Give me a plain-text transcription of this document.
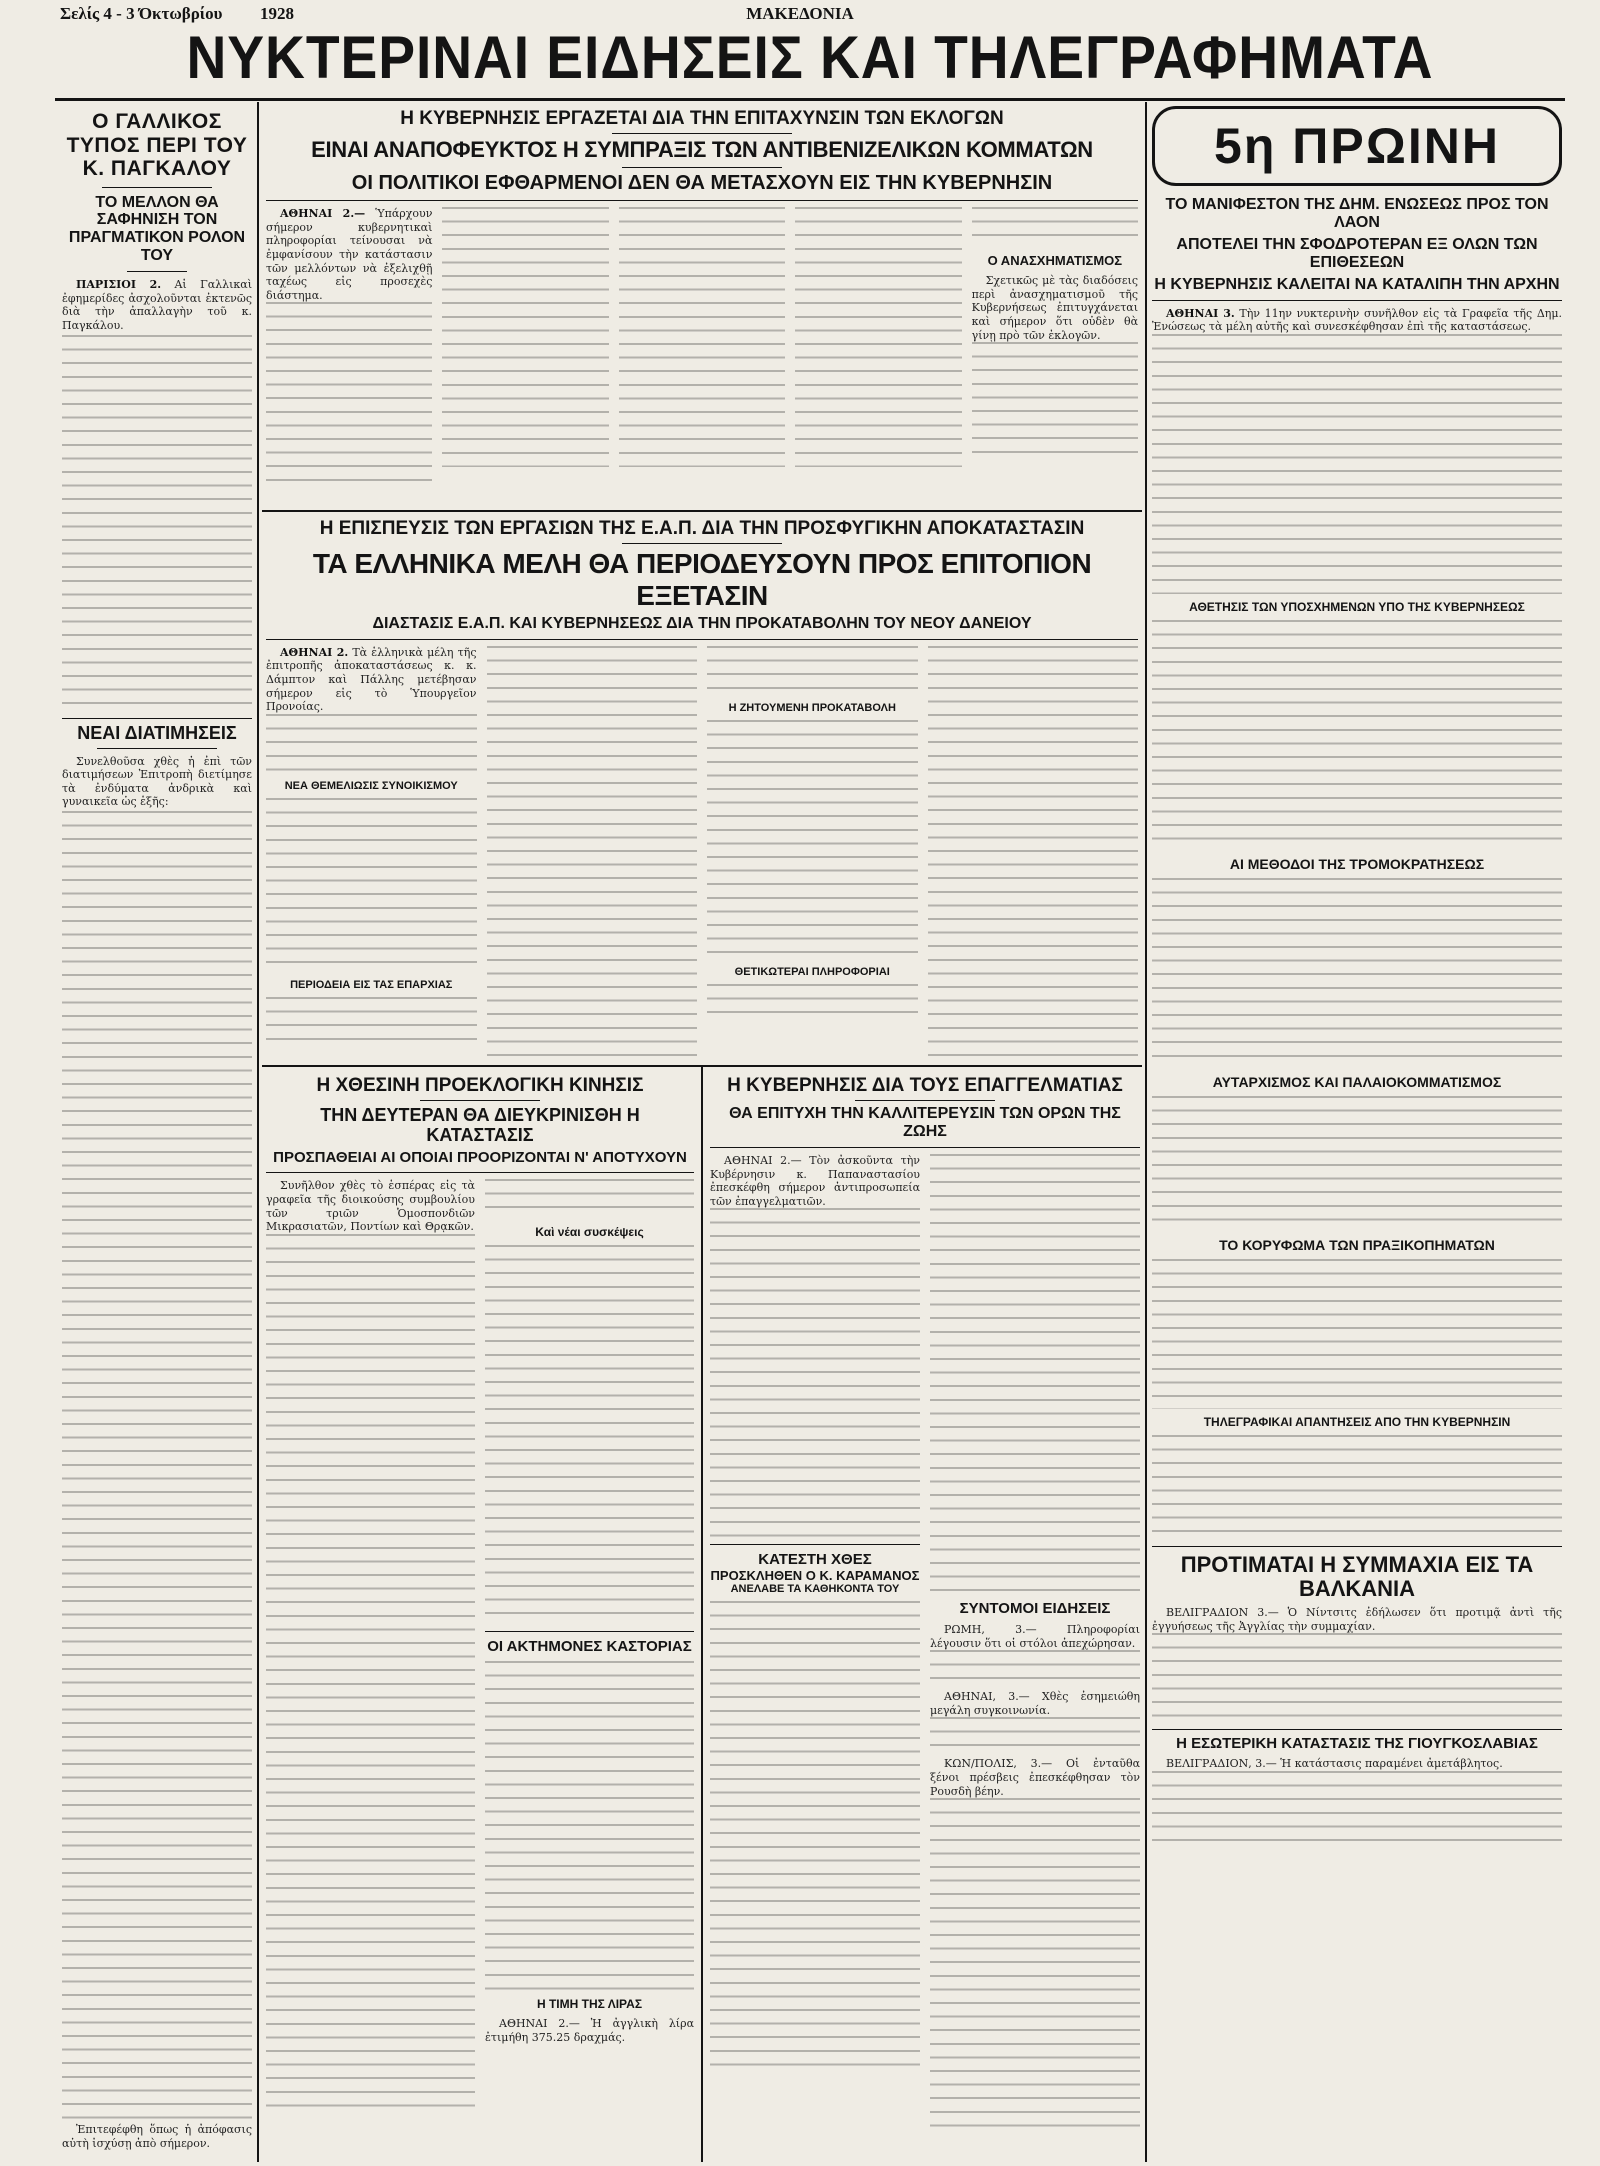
Σελίς 4 - 3 Όκτωβρίου	1928	ΜΑΚΕΔΟΝΙΑ
ΝΥΚΤΕΡΙΝΑΙ ΕΙΔΗΣΕΙΣ ΚΑΙ ΤΗΛΕΓΡΑΦΗΜΑΤΑ
Ο ΓΑΛΛΙΚΟΣ ΤΥΠΟΣ ΠΕΡΙ ΤΟΥ Κ. ΠΑΓΚΑΛΟΥ
ΤΟ ΜΕΛΛΟΝ ΘΑ ΣΑΦΗΝΙΣΗ ΤΟΝ ΠΡΑΓΜΑΤΙΚΟΝ ΡΟΛΟΝ ΤΟΥ

ΠΑΡΙΣΙΟΙ 2. Αἱ Γαλλικαὶ ἐφημερίδες ἀσχολοῦνται ἐκτενῶς διὰ τὴν ἀπαλλαγὴν τοῦ κ. Παγκάλου.

ΝΕΑΙ ΔΙΑΤΙΜΗΣΕΙΣ

Συνελθοῦσα χθὲς ἡ ἐπὶ τῶν διατιμήσεων Ἐπιτροπὴ διετίμησε τὰ ἐνδύματα ἀνδρικὰ καὶ γυναικεῖα ὡς ἑξῆς:

Ἐπιτεφέφθη ὅπως ἡ ἀπόφασις αὐτὴ ἰσχύσῃ ἀπὸ σήμερον.

Η ΚΥΒΕΡΝΗΣΙΣ ΕΡΓΑΖΕΤΑΙ ΔΙΑ ΤΗΝ ΕΠΙΤΑΧΥΝΣΙΝ ΤΩΝ ΕΚΛΟΓΩΝ
ΕΙΝΑΙ ΑΝΑΠΟΦΕΥΚΤΟΣ Η ΣΥΜΠΡΑΞΙΣ ΤΩΝ ΑΝΤΙΒΕΝΙΖΕΛΙΚΩΝ ΚΟΜΜΑΤΩΝ
ΟΙ ΠΟΛΙΤΙΚΟΙ ΕΦΘΑΡΜΕΝΟΙ ΔΕΝ ΘΑ ΜΕΤΑΣΧΟΥΝ ΕΙΣ ΤΗΝ ΚΥΒΕΡΝΗΣΙΝ

ΑΘΗΝΑΙ 2.— Ὑπάρχουν σήμερον κυβερνητικαὶ πληροφορίαι τείνουσαι νὰ ἐμφανίσουν τὴν κατάστασιν τῶν μελλόντων νὰ ἐξελιχθῇ ταχέως εἰς προσεχὲς διάστημα.

Ο ΑΝΑΣΧΗΜΑΤΙΣΜΟΣ

Σχετικῶς μὲ τὰς διαδόσεις περὶ ἀνασχηματισμοῦ τῆς Κυβερνήσεως ἐπιτυγχάνεται καὶ σήμερον ὅτι οὐδὲν θὰ γίνῃ πρὸ τῶν ἐκλογῶν.

Η ΕΠΙΣΠΕΥΣΙΣ ΤΩΝ ΕΡΓΑΣΙΩΝ ΤΗΣ Ε.Α.Π. ΔΙΑ ΤΗΝ ΠΡΟΣΦΥΓΙΚΗΝ ΑΠΟΚΑΤΑΣΤΑΣΙΝ
ΤΑ ΕΛΛΗΝΙΚΑ ΜΕΛΗ ΘΑ ΠΕΡΙΟΔΕΥΣΟΥΝ ΠΡΟΣ ΕΠΙΤΟΠΙΟΝ ΕΞΕΤΑΣΙΝ
ΔΙΑΣΤΑΣΙΣ Ε.Α.Π. ΚΑΙ ΚΥΒΕΡΝΗΣΕΩΣ ΔΙΑ ΤΗΝ ΠΡΟΚΑΤΑΒΟΛΗΝ ΤΟΥ ΝΕΟΥ ΔΑΝΕΙΟΥ

ΑΘΗΝΑΙ 2. Τὰ ἑλληνικὰ μέλη τῆς ἐπιτροπῆς ἀποκαταστάσεως κ. κ. Δάμπτον καὶ Πάλλης μετέβησαν σήμερον εἰς τὸ Ὑπουργεῖον Προνοίας.

ΝΕΑ ΘΕΜΕΛΙΩΣΙΣ ΣΥΝΟΙΚΙΣΜΟΥ
ΠΕΡΙΟΔΕΙΑ ΕΙΣ ΤΑΣ ΕΠΑΡΧΙΑΣ
Η ΖΗΤΟΥΜΕΝΗ ΠΡΟΚΑΤΑΒΟΛΗ
ΘΕΤΙΚΩΤΕΡΑΙ ΠΛΗΡΟΦΟΡΙΑΙ
Η ΧΘΕΣΙΝΗ ΠΡΟΕΚΛΟΓΙΚΗ ΚΙΝΗΣΙΣ
ΤΗΝ ΔΕΥΤΕΡΑΝ ΘΑ ΔΙΕΥΚΡΙΝΙΣΘΗ Η ΚΑΤΑΣΤΑΣΙΣ
ΠΡΟΣΠΑΘΕΙΑΙ ΑΙ ΟΠΟΙΑΙ ΠΡΟΟΡΙΖΟΝΤΑΙ Ν' ΑΠΟΤΥΧΟΥΝ

Συνῆλθον χθὲς τὸ ἑσπέρας εἰς τὰ γραφεῖα τῆς διοικούσης συμβουλίου τῶν τριῶν Ὁμοσπονδιῶν Μικρασιατῶν, Ποντίων καὶ Θρᾳκῶν.	Καὶ νέαι συσκέψεις
ΟΙ ΑΚΤΗΜΟΝΕΣ ΚΑΣΤΟΡΙΑΣ
Η ΤΙΜΗ ΤΗΣ ΛΙΡΑΣ

ΑΘΗΝΑΙ 2.— Ἡ ἀγγλικὴ λίρα ἐτιμήθη 375.25 δραχμάς.

Η ΚΥΒΕΡΝΗΣΙΣ ΔΙΑ ΤΟΥΣ ΕΠΑΓΓΕΛΜΑΤΙΑΣ
ΘΑ ΕΠΙΤΥΧΗ ΤΗΝ ΚΑΛΛΙΤΕΡΕΥΣΙΝ ΤΩΝ ΟΡΩΝ ΤΗΣ ΖΩΗΣ

ΑΘΗΝΑΙ 2.— Τὸν ἀσκοῦντα τὴν Κυβέρνησιν κ. Παπαναστασίου ἐπεσκέφθη σήμερον ἀντιπροσωπεία τῶν ἐπαγγελματιῶν.

ΚΑΤΕΣΤΗ ΧΘΕΣ
ΠΡΟΣΚΛΗΘΕΝ Ο Κ. ΚΑΡΑΜΑΝΟΣ
ΑΝΕΛΑΒΕ ΤΑ ΚΑΘΗΚΟΝΤΑ ΤΟΥ
ΣΥΝΤΟΜΟΙ ΕΙΔΗΣΕΙΣ

ΡΩΜΗ, 3.— Πληροφορίαι λέγουσιν ὅτι οἱ στόλοι ἀπεχώρησαν.

ΑΘΗΝΑΙ, 3.— Χθὲς ἐσημειώθη μεγάλη συγκοινωνία.

ΚΩΝ/ΠΟΛΙΣ, 3.— Οἱ ἐνταῦθα ξένοι πρέσβεις ἐπεσκέφθησαν τὸν Ρουσδὴ βέην.

5η ΠΡΩΙΝΗ
ΤΟ ΜΑΝΙΦΕΣΤΟΝ ΤΗΣ ΔΗΜ. ΕΝΩΣΕΩΣ ΠΡΟΣ ΤΟΝ ΛΑΟΝ
ΑΠΟΤΕΛΕΙ ΤΗΝ ΣΦΟΔΡΟΤΕΡΑΝ ΕΞ ΟΛΩΝ ΤΩΝ ΕΠΙΘΕΣΕΩΝ
Η ΚΥΒΕΡΝΗΣΙΣ ΚΑΛΕΙΤΑΙ ΝΑ ΚΑΤΑΛΙΠΗ ΤΗΝ ΑΡΧΗΝ

ΑΘΗΝΑΙ 3. Τὴν 11ην νυκτερινὴν συνῆλθον εἰς τὰ Γραφεῖα τῆς Δημ. Ἐνώσεως τὰ μέλη αὐτῆς καὶ συνεσκέφθησαν ἐπὶ τῆς καταστάσεως.

ΑΘΕΤΗΣΙΣ ΤΩΝ ΥΠΟΣΧΗΜΕΝΩΝ ΥΠΟ ΤΗΣ ΚΥΒΕΡΝΗΣΕΩΣ
ΑΙ ΜΕΘΟΔΟΙ ΤΗΣ ΤΡΟΜΟΚΡΑΤΗΣΕΩΣ
ΑΥΤΑΡΧΙΣΜΟΣ ΚΑΙ ΠΑΛΑΙΟΚΟΜΜΑΤΙΣΜΟΣ
ΤΟ ΚΟΡΥΦΩΜΑ ΤΩΝ ΠΡΑΞΙΚΟΠΗΜΑΤΩΝ
ΤΗΛΕΓΡΑΦΙΚΑΙ ΑΠΑΝΤΗΣΕΙΣ ΑΠΟ ΤΗΝ ΚΥΒΕΡΝΗΣΙΝ
ΠΡΟΤΙΜΑΤΑΙ Η ΣΥΜΜΑΧΙΑ ΕΙΣ ΤΑ ΒΑΛΚΑΝΙΑ

ΒΕΛΙΓΡΑΔΙΟΝ 3.— Ὁ Νίντσιτς ἐδήλωσεν ὅτι προτιμᾷ ἀντὶ τῆς ἐγγυήσεως τῆς Ἀγγλίας τὴν συμμαχίαν.

Η ΕΣΩΤΕΡΙΚΗ ΚΑΤΑΣΤΑΣΙΣ ΤΗΣ ΓΙΟΥΓΚΟΣΛΑΒΙΑΣ

ΒΕΛΙΓΡΑΔΙΟΝ, 3.— Ἡ κατάστασις παραμένει ἀμετάβλητος.
